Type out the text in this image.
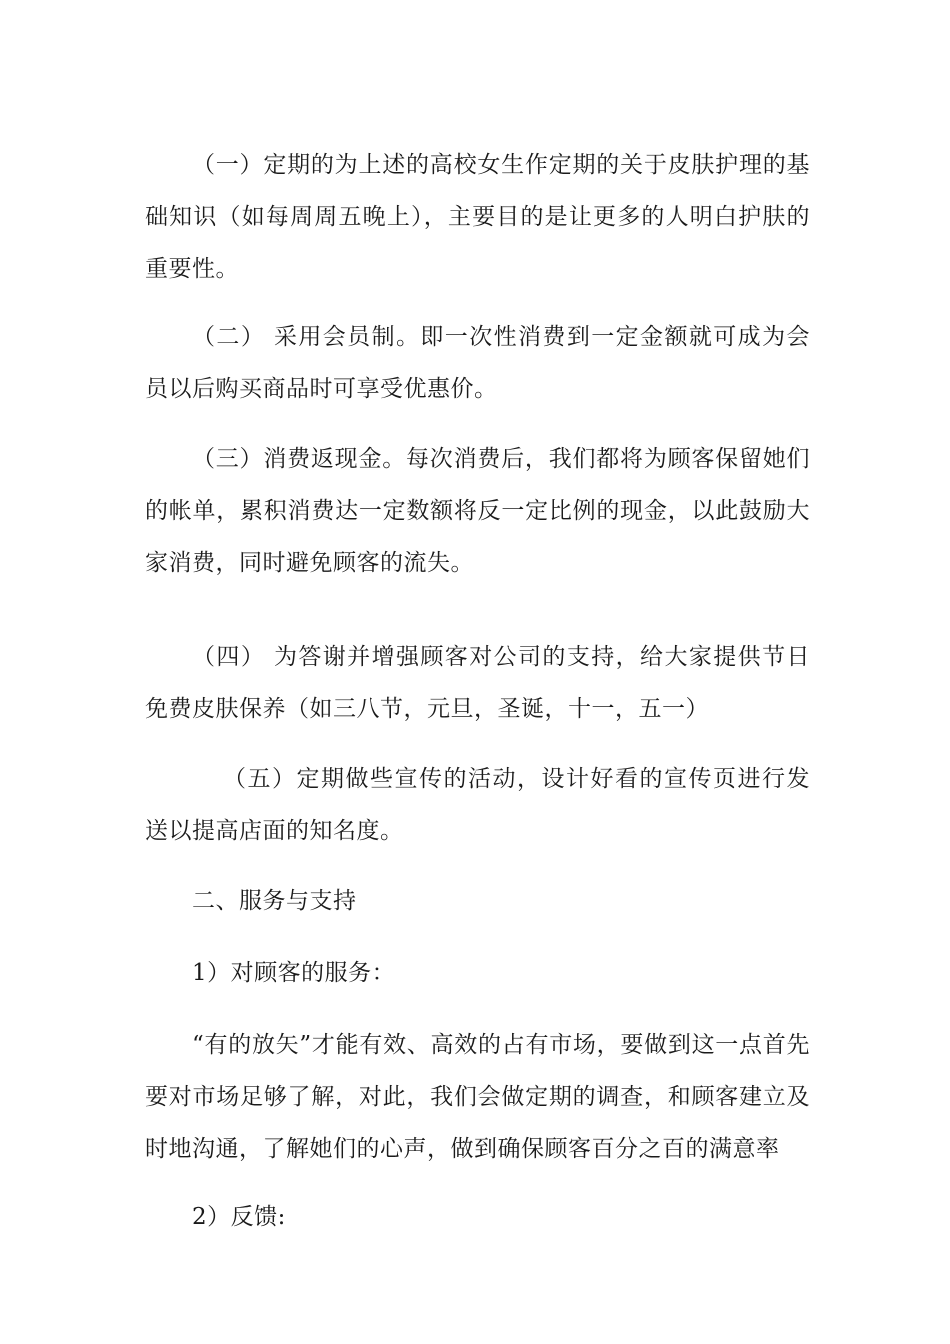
（一）定期的为上述的高校女生作定期的关于皮肤护理的基础知识（如每周周五晚上），主要目的是让更多的人明白护肤的重要性。

（二） 采用会员制。即一次性消费到一定金额就可成为会员以后购买商品时可享受优惠价。

（三）消费返现金。每次消费后，我们都将为顾客保留她们的帐单，累积消费达一定数额将反一定比例的现金，以此鼓励大家消费，同时避免顾客的流失。

（四） 为答谢并增强顾客对公司的支持，给大家提供节日免费皮肤保养（如三八节，元旦，圣诞，十一，五一）

（五）定期做些宣传的活动，设计好看的宣传页进行发送以提高店面的知名度。

二、服务与支持

1）对顾客的服务：

“有的放矢”才能有效、高效的占有市场，要做到这一点首先要对市场足够了解，对此，我们会做定期的调查，和顾客建立及时地沟通，了解她们的心声，做到确保顾客百分之百的满意率

2）反馈:
